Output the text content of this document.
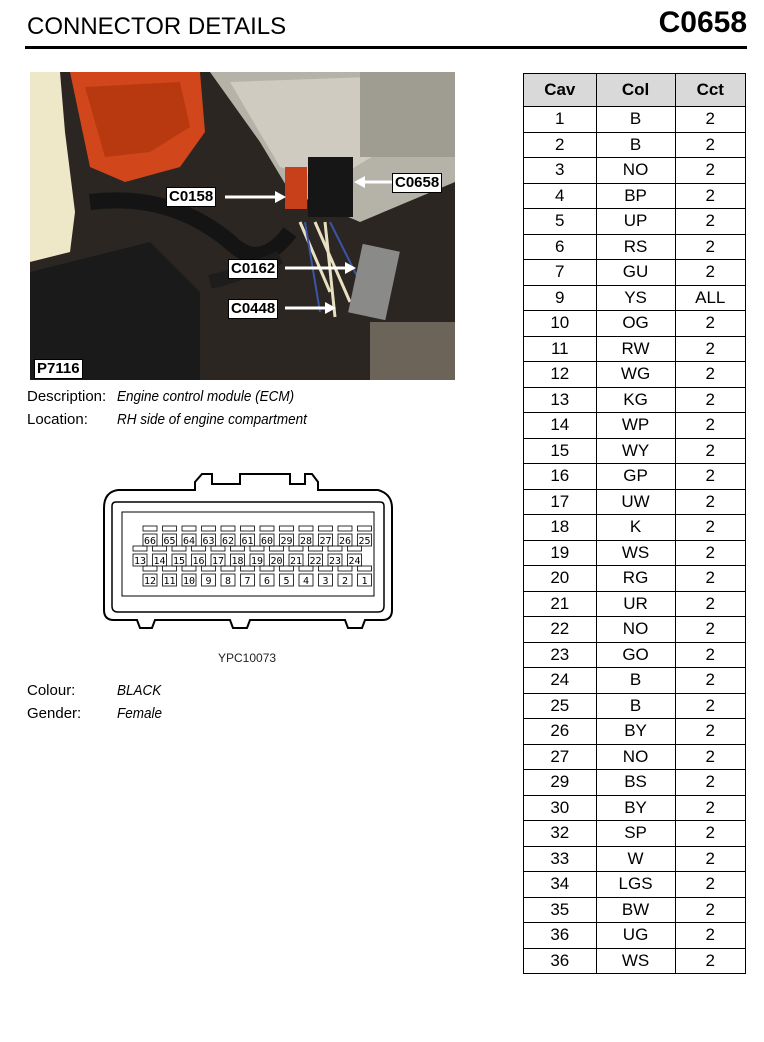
CONNECTOR DETAILS	C0658
C0158
C0658
C0162
C0448
P7116
Description: Engine control module (ECM)
Location: RH side of engine compartment
66 65 64 63 62 61 60 29 28 27 26 25
13 14 15 16 17 18 19 20 21 22 23 24
12 11 10 9 8 7 6 5 4 3 2 1
YPC10073
Colour:	BLACK
Gender: Female
Cav	Col	Cct
1	B	2
2	B	2
3	NO	2
4	BP	2
5	UP	2
6	RS	2
7	GU	2
9	YS	ALL
10	OG	2
11	RW	2
12	WG	2
13	KG	2
14	WP	2
15	WY	2
16	GP	2
17	UW	2
18	K	2
19	WS	2
20	RG	2
21	UR	2
22	NO	2
23	GO	2
24	B	2
25	B	2
26	BY	2
27	NO	2
29	BS	2
30	BY	2
32	SP	2
33	W	2
34	LGS	2
35	BW	2
36	UG	2
36	WS	2
